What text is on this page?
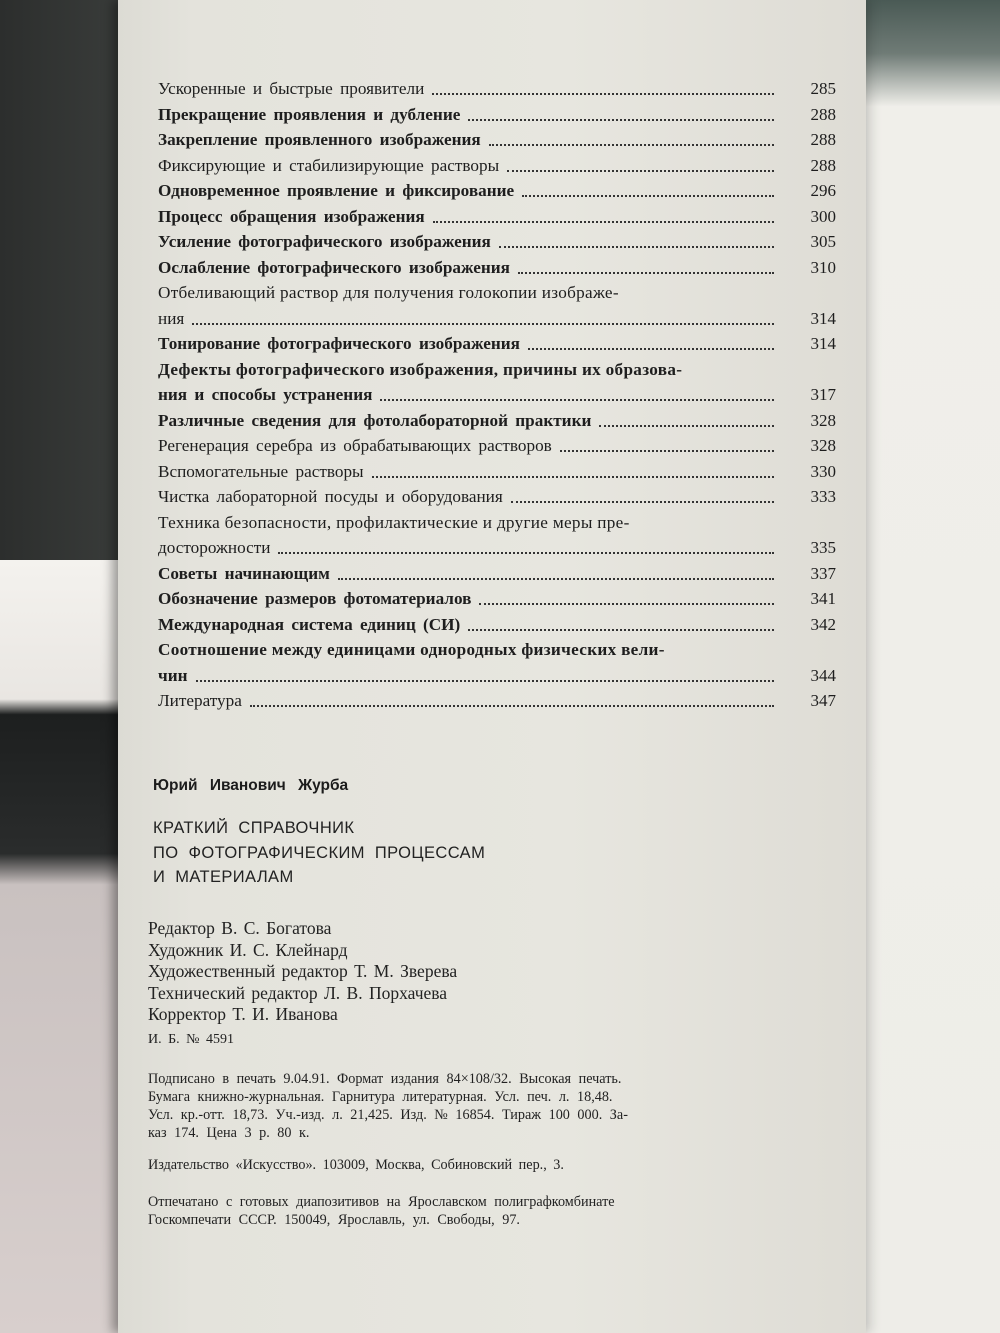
Ускоренные и быстрые проявители	285
Прекращение проявления и дубление	288
Закрепление проявленного изображения	288
Фиксирующие и стабилизирующие растворы	288
Одновременное проявление и фиксирование	296
Процесс обращения изображения	300
Усиление фотографического изображения	305
Ослабление фотографического изображения	310
Отбеливающий раствор для получения голокопии изображе-
ния	314
Тонирование фотографического изображения	314
Дефекты фотографического изображения, причины их образова-
ния и способы устранения	317
Различные сведения для фотолабораторной практики	328
Регенерация серебра из обрабатывающих растворов	328
Вспомогательные растворы	330
Чистка лабораторной посуды и оборудования	333
Техника безопасности, профилактические и другие меры пре-
досторожности	335
Советы начинающим	337
Обозначение размеров фотоматериалов	341
Международная система единиц (СИ)	342
Соотношение между единицами однородных физических вели-
чин	344
Литература	347
Юрий Иванович Журба
КРАТКИЙ СПРАВОЧНИК
ПО ФОТОГРАФИЧЕСКИМ ПРОЦЕССАМ
И МАТЕРИАЛАМ
Редактор В. С. Богатова
Художник И. С. Клейнард
Художественный редактор Т. М. Зверева
Технический редактор Л. В. Порхачева
Корректор Т. И. Иванова
И. Б. № 4591
Подписано в печать 9.04.91. Формат издания 84×108/32. Высокая печать.
Бумага книжно-журнальная. Гарнитура литературная. Усл. печ. л. 18,48.
Усл. кр.-отт. 18,73. Уч.-изд. л. 21,425. Изд. № 16854. Тираж 100 000. За-
каз 174. Цена 3 р. 80 к.
Издательство «Искусство». 103009, Москва, Собиновский пер., 3.
Отпечатано с готовых диапозитивов на Ярославском полиграфкомбинате
Госкомпечати СССР. 150049, Ярославль, ул. Свободы, 97.
